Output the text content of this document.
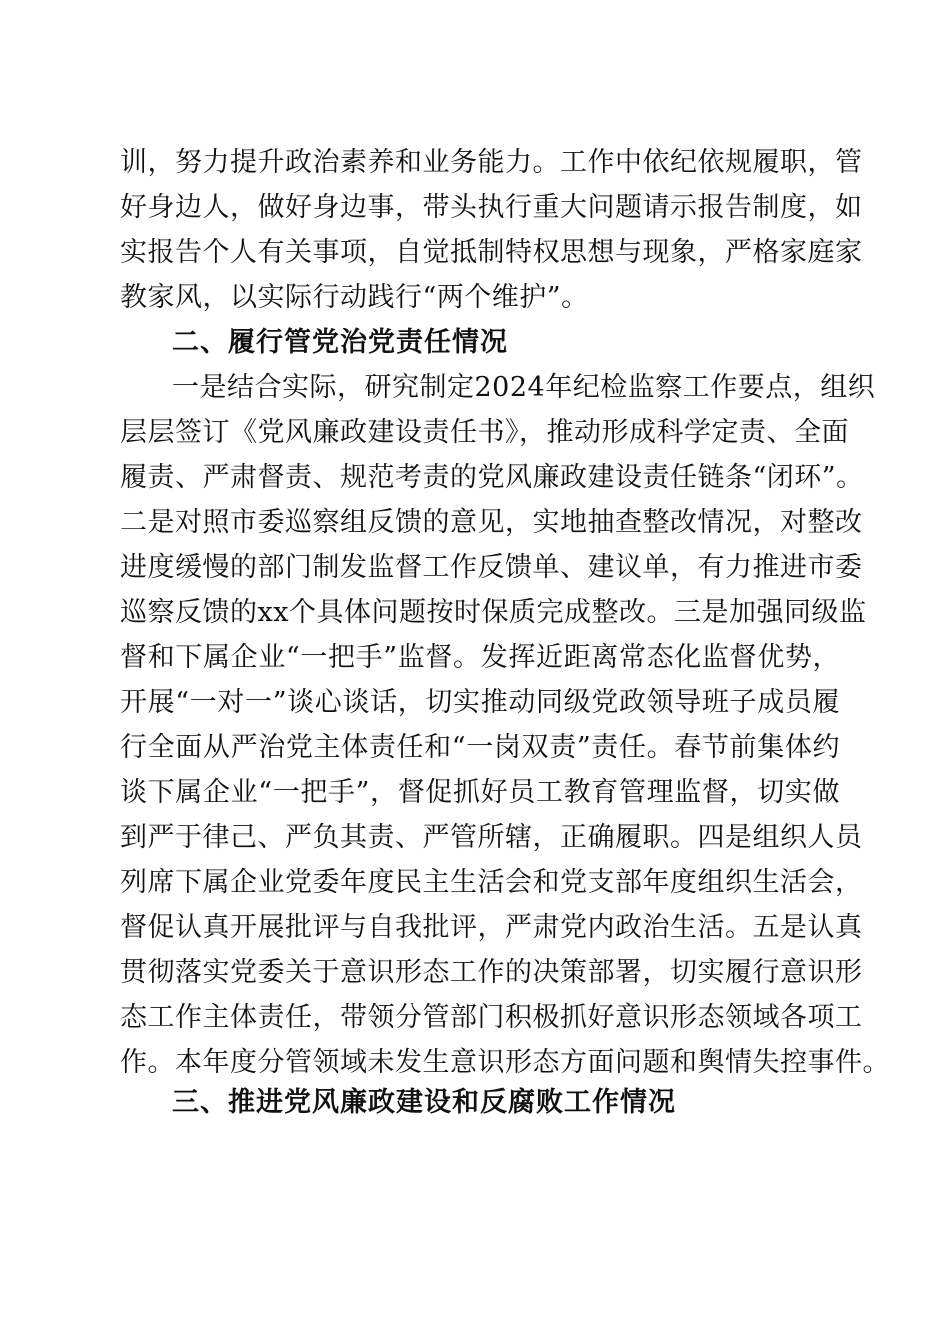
训，努力提升政治素养和业务能力。工作中依纪依规履职，管
好身边人，做好身边事，带头执行重大问题请示报告制度，如
实报告个人有关事项，自觉抵制特权思想与现象，严格家庭家
教家风，以实际行动践行“两个维护”。
二、履行管党治党责任情况
一是结合实际，研究制定2024年纪检监察工作要点，组织
层层签订《党风廉政建设责任书》，推动形成科学定责、全面
履责、严肃督责、规范考责的党风廉政建设责任链条“闭环”。
二是对照市委巡察组反馈的意见，实地抽查整改情况，对整改
进度缓慢的部门制发监督工作反馈单、建议单，有力推进市委
巡察反馈的xx个具体问题按时保质完成整改。三是加强同级监
督和下属企业“一把手”监督。发挥近距离常态化监督优势，
开展“一对一”谈心谈话，切实推动同级党政领导班子成员履
行全面从严治党主体责任和“一岗双责”责任。春节前集体约
谈下属企业“一把手”，督促抓好员工教育管理监督，切实做
到严于律己、严负其责、严管所辖，正确履职。四是组织人员
列席下属企业党委年度民主生活会和党支部年度组织生活会，
督促认真开展批评与自我批评，严肃党内政治生活。五是认真
贯彻落实党委关于意识形态工作的决策部署，切实履行意识形
态工作主体责任，带领分管部门积极抓好意识形态领域各项工
作。本年度分管领域未发生意识形态方面问题和舆情失控事件。
三、推进党风廉政建设和反腐败工作情况
